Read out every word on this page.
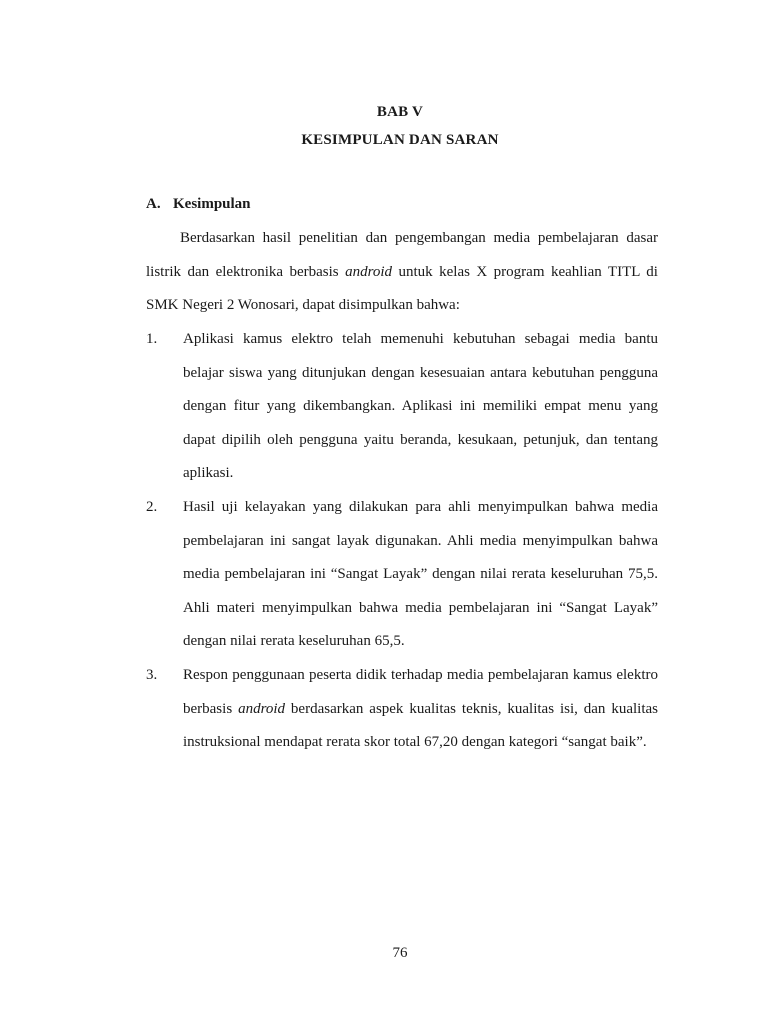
BAB V
KESIMPULAN DAN SARAN
A. Kesimpulan

Berdasarkan hasil penelitian dan pengembangan media pembelajaran dasar listrik dan elektronika berbasis android untuk kelas X program keahlian TITL di SMK Negeri 2 Wonosari, dapat disimpulkan bahwa:

1. Aplikasi kamus elektro telah memenuhi kebutuhan sebagai media bantu belajar siswa yang ditunjukan dengan kesesuaian antara kebutuhan pengguna dengan fitur yang dikembangkan. Aplikasi ini memiliki empat menu yang dapat dipilih oleh pengguna yaitu beranda, kesukaan, petunjuk, dan tentang aplikasi.
2. Hasil uji kelayakan yang dilakukan para ahli menyimpulkan bahwa media pembelajaran ini sangat layak digunakan. Ahli media menyimpulkan bahwa media pembelajaran ini “Sangat Layak” dengan nilai rerata keseluruhan 75,5. Ahli materi menyimpulkan bahwa media pembelajaran ini “Sangat Layak” dengan nilai rerata keseluruhan 65,5.
3. Respon penggunaan peserta didik terhadap media pembelajaran kamus elektro berbasis android berdasarkan aspek kualitas teknis, kualitas isi, dan kualitas instruksional mendapat rerata skor total 67,20 dengan kategori “sangat baik”.
76
